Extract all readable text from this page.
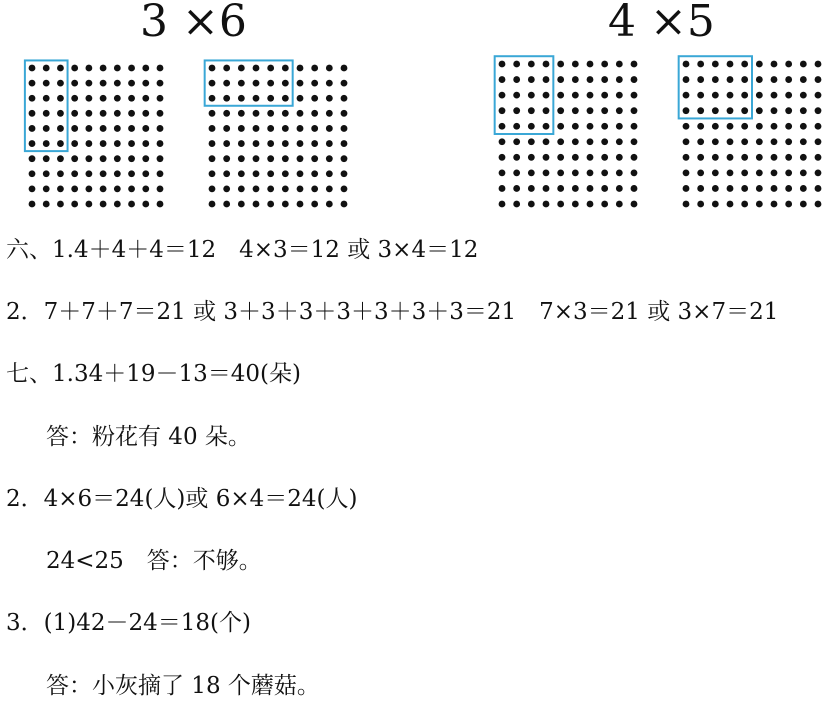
3 ×6	4 ×5
六、1.4＋4＋4＝12　4×3＝12 或 3×4＝12
2．7＋7＋7＝21 或 3＋3＋3＋3＋3＋3＋3＝21　7×3＝21 或 3×7＝21
七、1.34＋19－13＝40(朵)
答：粉花有 40 朵。
2．4×6＝24(人)或 6×4＝24(人)
24<25　答：不够。
3．(1)42－24＝18(个)
答：小灰摘了 18 个蘑菇。
